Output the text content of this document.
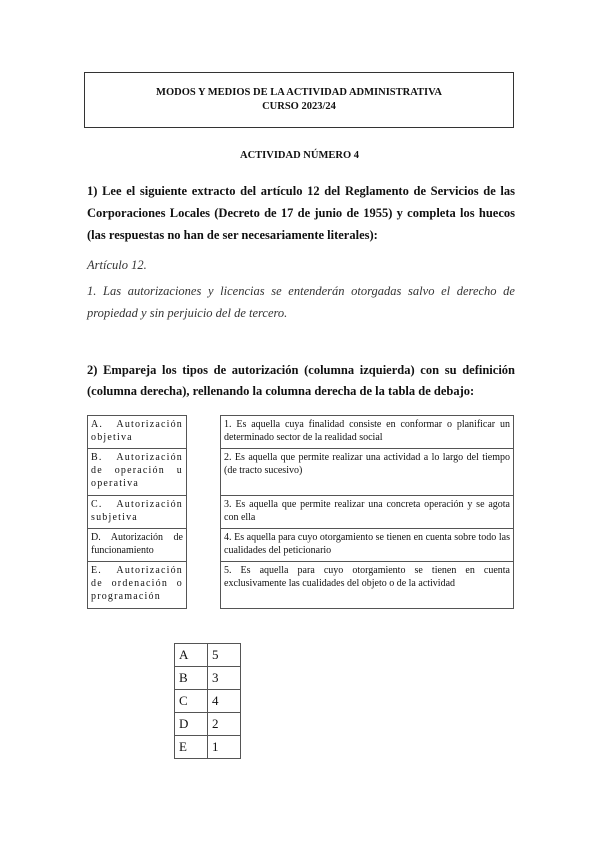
MODOS Y MEDIOS DE LA ACTIVIDAD ADMINISTRATIVA
CURSO 2023/24
ACTIVIDAD NÚMERO 4
1) Lee el siguiente extracto del artículo 12 del Reglamento de Servicios de las Corporaciones Locales (Decreto de 17 de junio de 1955) y completa los huecos (las respuestas no han de ser necesariamente literales):

Artículo 12.

1. Las autorizaciones y licencias se entenderán otorgadas salvo el derecho de propiedad y sin perjuicio del de tercero.

2) Empareja los tipos de autorización (columna izquierda) con su definición (columna derecha), rellenando la columna derecha de la tabla de debajo:
A. Autorización objetiva
B. Autorización de operación u operativa
C. Autorización subjetiva
D. Autorización de funcionamiento
E. Autorización de ordenación o programación
1. Es aquella cuya finalidad consiste en conformar o planificar un determinado sector de la realidad social
2. Es aquella que permite realizar una actividad a lo largo del tiempo (de tracto sucesivo)
3. Es aquella que permite realizar una concreta operación y se agota con ella
4. Es aquella para cuyo otorgamiento se tienen en cuenta sobre todo las cualidades del peticionario
5. Es aquella para cuyo otorgamiento se tienen en cuenta exclusivamente las cualidades del objeto o de la actividad
A	5
B	3
C	4
D	2
E	1
